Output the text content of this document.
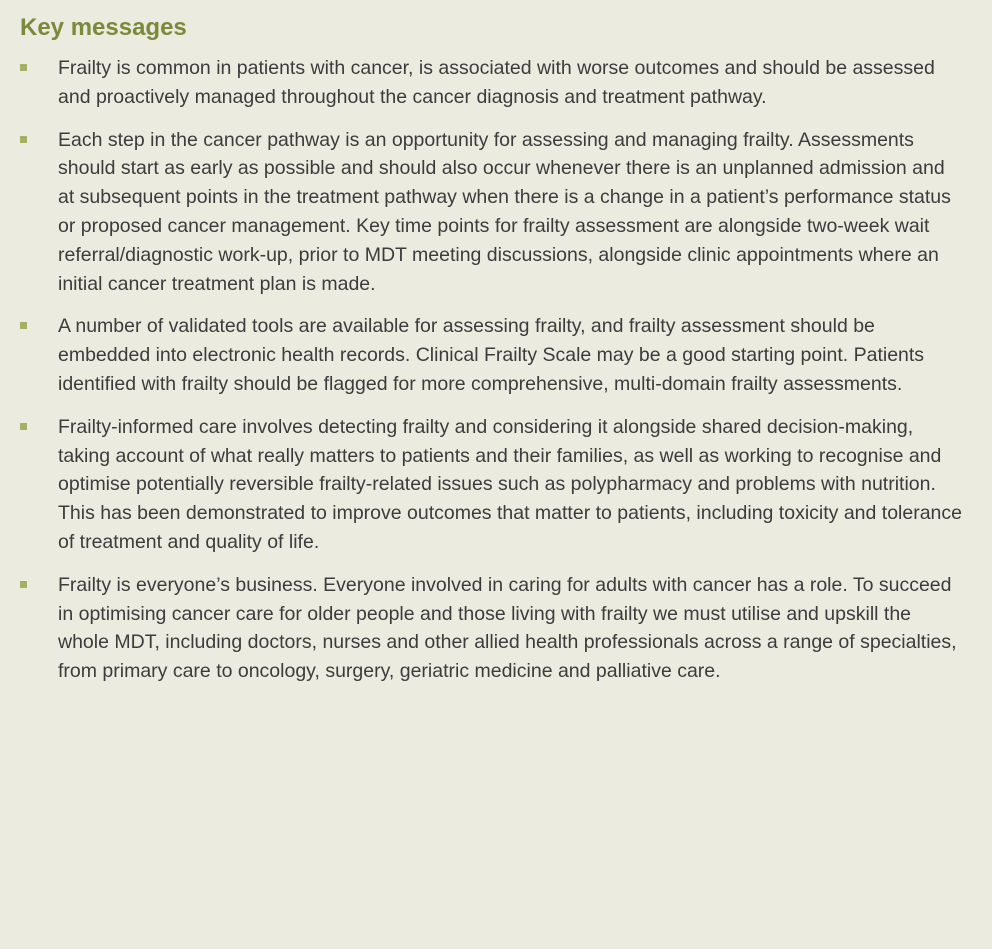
Key messages
Frailty is common in patients with cancer, is associated with worse outcomes and should be assessed and proactively managed throughout the cancer diagnosis and treatment pathway.
Each step in the cancer pathway is an opportunity for assessing and managing frailty. Assessments should start as early as possible and should also occur whenever there is an unplanned admission and at subsequent points in the treatment pathway when there is a change in a patient’s performance status or proposed cancer management. Key time points for frailty assessment are alongside two-week wait referral/diagnostic work-up, prior to MDT meeting discussions, alongside clinic appointments where an initial cancer treatment plan is made.
A number of validated tools are available for assessing frailty, and frailty assessment should be embedded into electronic health records. Clinical Frailty Scale may be a good starting point. Patients identified with frailty should be flagged for more comprehensive, multi-domain frailty assessments.
Frailty-informed care involves detecting frailty and considering it alongside shared decision-making, taking account of what really matters to patients and their families, as well as working to recognise and optimise potentially reversible frailty-related issues such as polypharmacy and problems with nutrition. This has been demonstrated to improve outcomes that matter to patients, including toxicity and tolerance of treatment and quality of life.
Frailty is everyone’s business. Everyone involved in caring for adults with cancer has a role. To succeed in optimising cancer care for older people and those living with frailty we must utilise and upskill the whole MDT, including doctors, nurses and other allied health professionals across a range of specialties, from primary care to oncology, surgery, geriatric medicine and palliative care.
